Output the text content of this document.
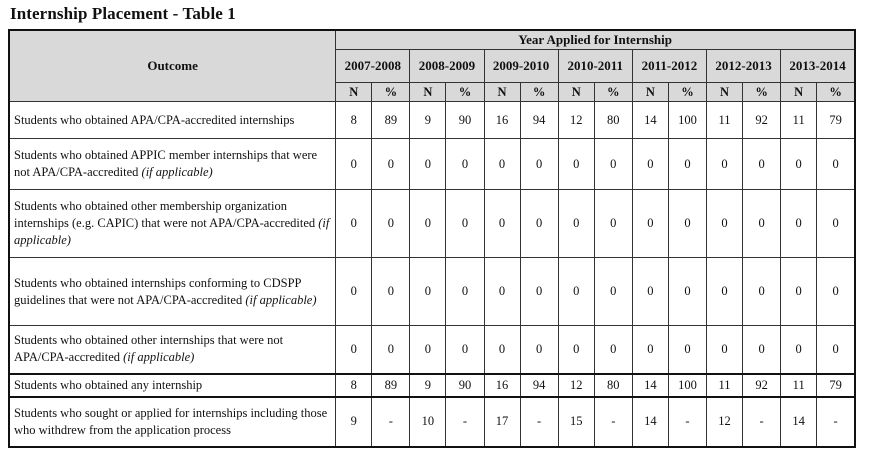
Internship Placement - Table 1
Outcome	Year Applied for Internship													
	2007-2008		2008-2009		2009-2010		2010-2011		2011-2012		2012-2013		2013-2014	
	N	%	N	%	N	%	N	%	N	%	N	%	N	%
Students who obtained APA/CPA-accredited internships	8	89	9	90	16	94	12	80	14	100	11	92	11	79
Students who obtained APPIC member internships that were not APA/CPA-accredited (if applicable)	0	0	0	0	0	0	0	0	0	0	0	0	0	0
Students who obtained other membership organization internships (e.g. CAPIC) that were not APA/CPA-accredited (if applicable)	0	0	0	0	0	0	0	0	0	0	0	0	0	0
Students who obtained internships conforming to CDSPP guidelines that were not APA/CPA-accredited (if applicable)	0	0	0	0	0	0	0	0	0	0	0	0	0	0
Students who obtained other internships that were not APA/CPA-accredited (if applicable)	0	0	0	0	0	0	0	0	0	0	0	0	0	0
Students who obtained any internship	8	89	9	90	16	94	12	80	14	100	11	92	11	79
Students who sought or applied for internships including those who withdrew from the application process	9	-	10	-	17	-	15	-	14	-	12	-	14	-
